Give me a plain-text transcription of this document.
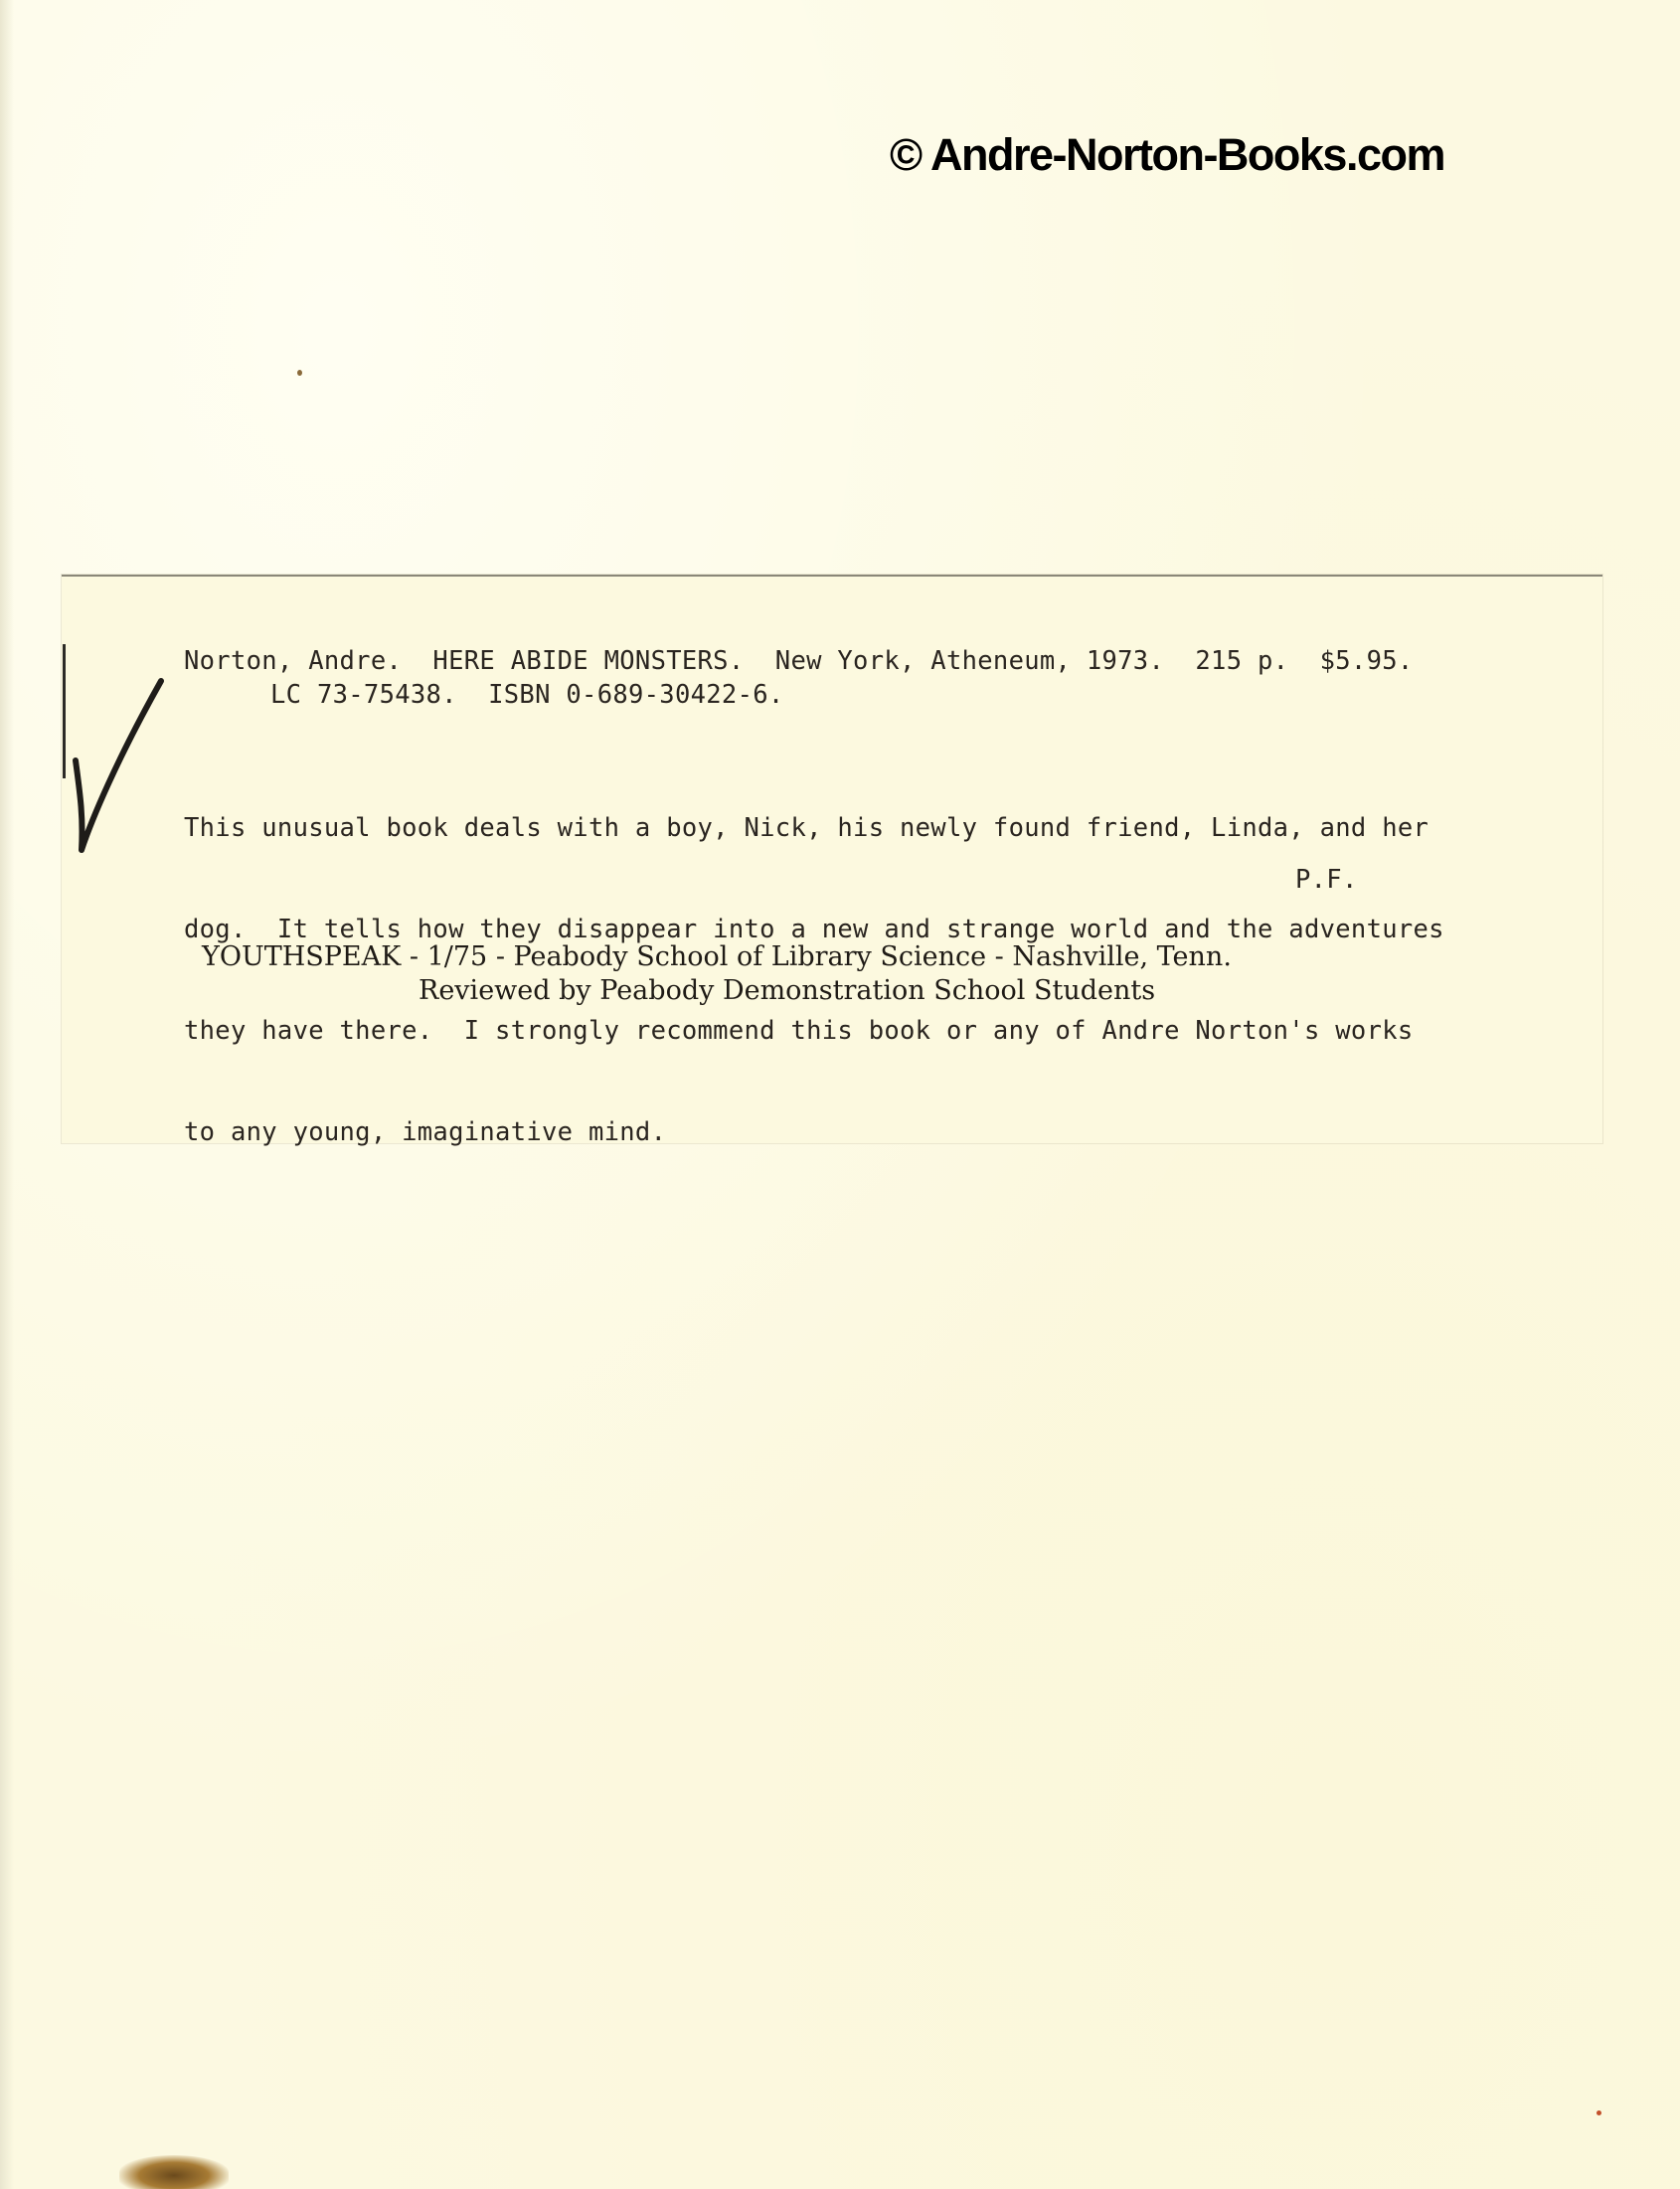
© Andre-Norton-Books.com
Norton, Andre.  HERE ABIDE MONSTERS.  New York, Atheneum, 1973.  215 p.  $5.95.
LC 73-75438.  ISBN 0-689-30422-6.

This unusual book deals with a boy, Nick, his newly found friend, Linda, and her

dog.  It tells how they disappear into a new and strange world and the adventures

they have there.  I strongly recommend this book or any of Andre Norton's works

to any young, imaginative mind.

P.F.
YOUTHSPEAK - 1/75 - Peabody School of Library Science - Nashville, Tenn.
Reviewed by Peabody Demonstration School Students
